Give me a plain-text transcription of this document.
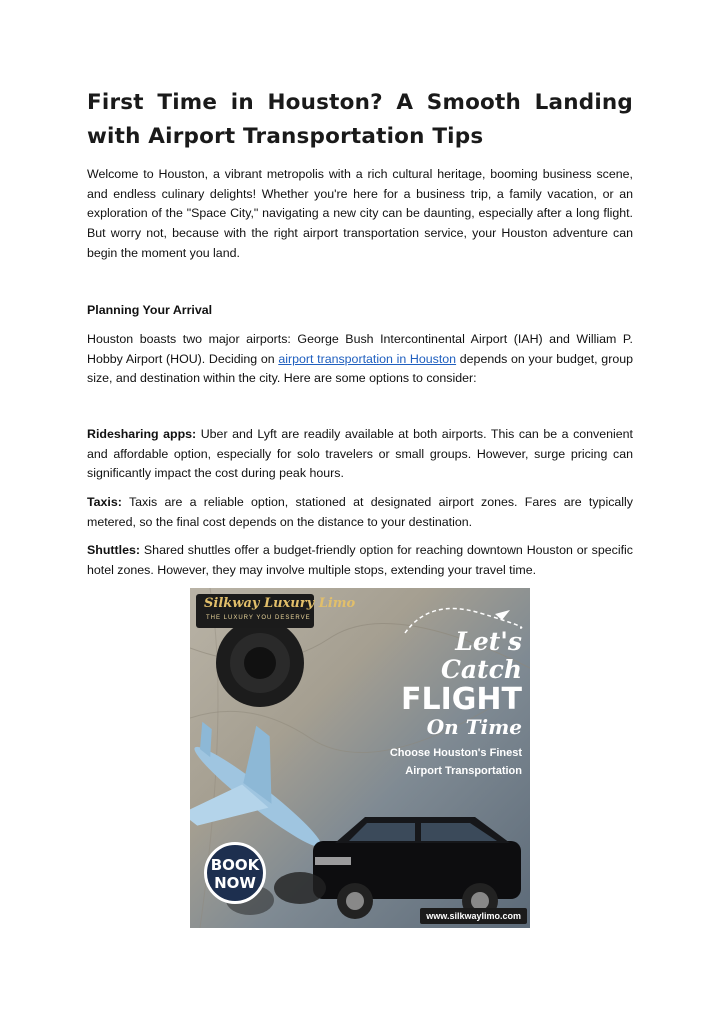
First Time in Houston? A Smooth Landing with Airport Transportation Tips

Welcome to Houston, a vibrant metropolis with a rich cultural heritage, booming business scene, and endless culinary delights! Whether you're here for a business trip, a family vacation, or an exploration of the "Space City," navigating a new city can be daunting, especially after a long flight. But worry not, because with the right airport transportation service, your Houston adventure can begin the moment you land.

Planning Your Arrival

Houston boasts two major airports: George Bush Intercontinental Airport (IAH) and William P. Hobby Airport (HOU). Deciding on airport transportation in Houston depends on your budget, group size, and destination within the city. Here are some options to consider:

Ridesharing apps: Uber and Lyft are readily available at both airports. This can be a convenient and affordable option, especially for solo travelers or small groups. However, surge pricing can significantly impact the cost during peak hours.

Taxis: Taxis are a reliable option, stationed at designated airport zones. Fares are typically metered, so the final cost depends on the distance to your destination.

Shuttles: Shared shuttles offer a budget-friendly option for reaching downtown Houston or specific hotel zones. However, they may involve multiple stops, extending your travel time.

Silkway Luxury Limo
THE LUXURY YOU DESERVE
Let's Catch
FLIGHT
On Time
Choose Houston's Finest
Airport Transportation
BOOK
NOW
www.silkwaylimo.com
